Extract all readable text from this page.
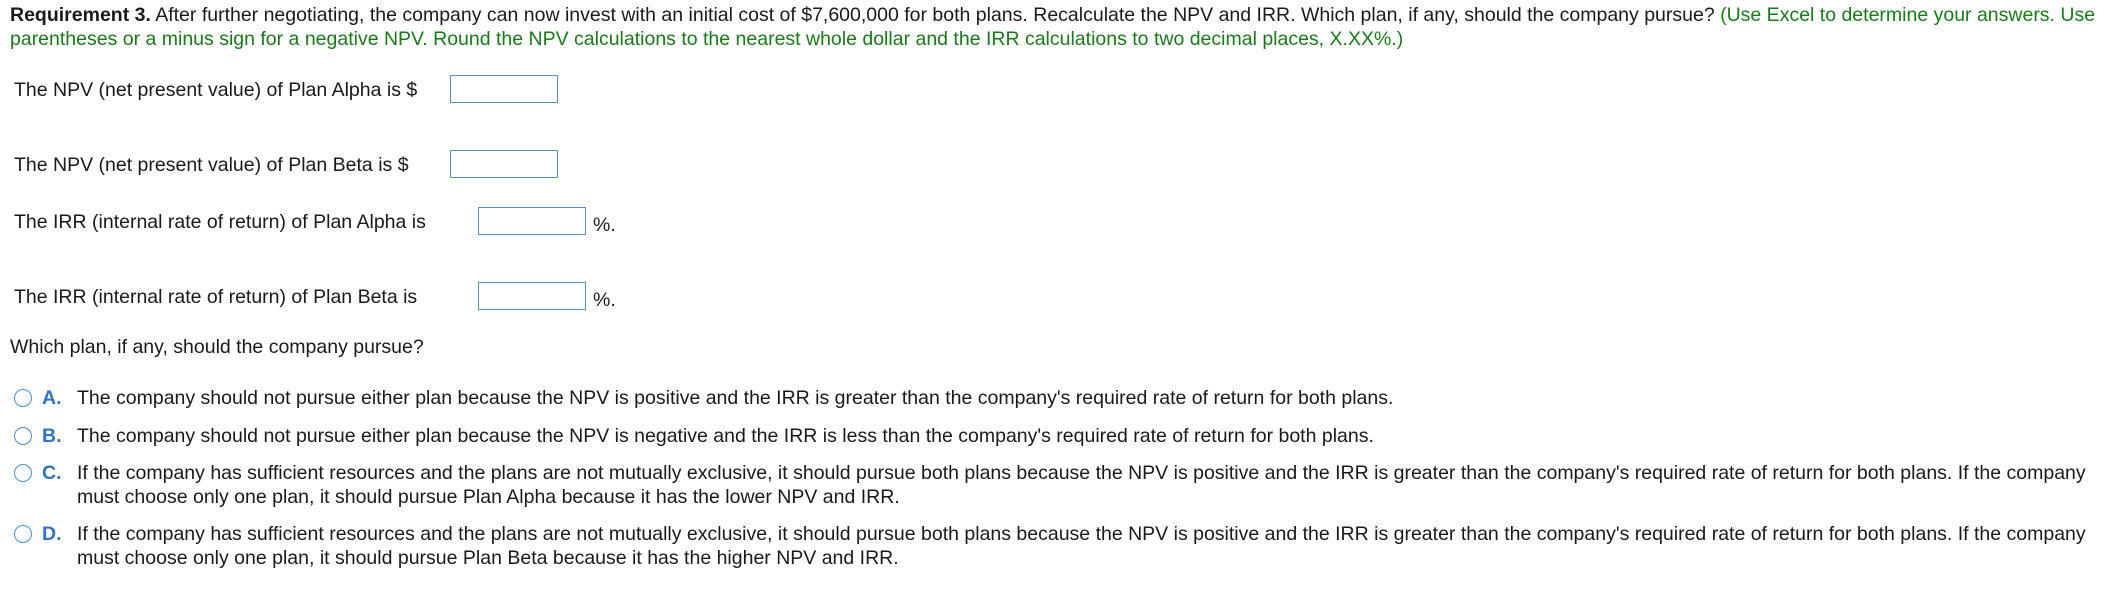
Requirement 3. After further negotiating, the company can now invest with an initial cost of $7,600,000 for both plans. Recalculate the NPV and IRR. Which plan, if any, should the company pursue? (Use Excel to determine your answers. Use parentheses or a minus sign for a negative NPV. Round the NPV calculations to the nearest whole dollar and the IRR calculations to two decimal places, X.XX%.)
The NPV (net present value) of Plan Alpha is $
The NPV (net present value) of Plan Beta is $
The IRR (internal rate of return) of Plan Alpha is	%.
The IRR (internal rate of return) of Plan Beta is	%.
Which plan, if any, should the company pursue?
A. The company should not pursue either plan because the NPV is positive and the IRR is greater than the company's required rate of return for both plans.
B. The company should not pursue either plan because the NPV is negative and the IRR is less than the company's required rate of return for both plans.
C. If the company has sufficient resources and the plans are not mutually exclusive, it should pursue both plans because the NPV is positive and the IRR is greater than the company's required rate of return for both plans. If the company must choose only one plan, it should pursue Plan Alpha because it has the lower NPV and IRR.
D. If the company has sufficient resources and the plans are not mutually exclusive, it should pursue both plans because the NPV is positive and the IRR is greater than the company's required rate of return for both plans. If the company must choose only one plan, it should pursue Plan Beta because it has the higher NPV and IRR.
